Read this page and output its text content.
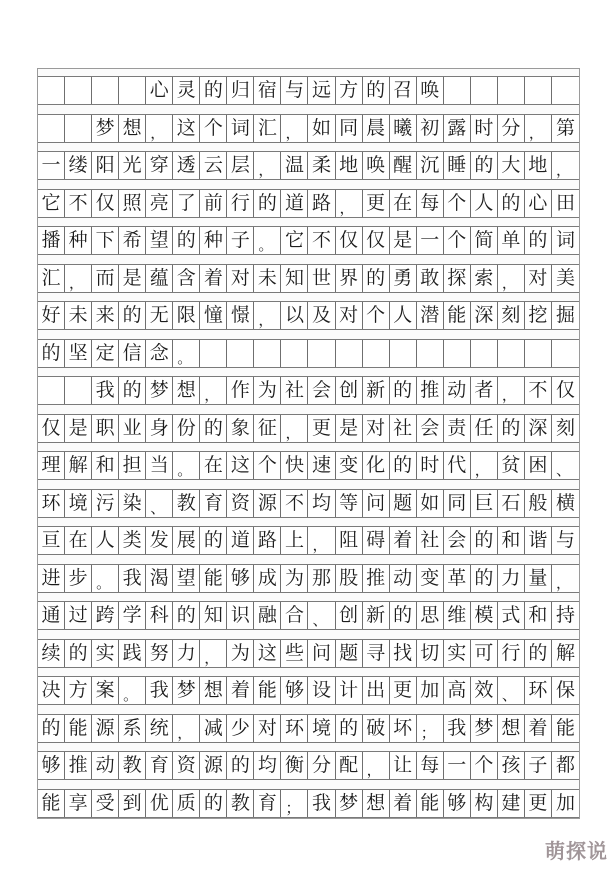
心 灵 的 归 宿 与 远 方 的 召 唤
梦 想 ， 这 个 词 汇 ， 如 同 晨 曦 初 露 时 分 ， 第
一 缕 阳 光 穿 透 云 层 ， 温 柔 地 唤 醒 沉 睡 的 大 地 ，
它 不 仅 照 亮 了 前 行 的 道 路 ， 更 在 每 个 人 的 心 田
播 种 下 希 望 的 种 子 。 它 不 仅 仅 是 一 个 简 单 的 词
汇 ， 而 是 蕴 含 着 对 未 知 世 界 的 勇 敢 探 索 ， 对 美
好 未 来 的 无 限 憧 憬 ， 以 及 对 个 人 潜 能 深 刻 挖 掘
的 坚 定 信 念 。
我 的 梦 想 ， 作 为 社 会 创 新 的 推 动 者 ， 不 仅
仅 是 职 业 身 份 的 象 征 ， 更 是 对 社 会 责 任 的 深 刻
理 解 和 担 当 。 在 这 个 快 速 变 化 的 时 代 ， 贫 困 、
环 境 污 染 、 教 育 资 源 不 均 等 问 题 如 同 巨 石 般 横
亘 在 人 类 发 展 的 道 路 上 ， 阻 碍 着 社 会 的 和 谐 与
进 步 。 我 渴 望 能 够 成 为 那 股 推 动 变 革 的 力 量 ，
通 过 跨 学 科 的 知 识 融 合 、 创 新 的 思 维 模 式 和 持
续 的 实 践 努 力 ， 为 这 些 问 题 寻 找 切 实 可 行 的 解
决 方 案 。 我 梦 想 着 能 够 设 计 出 更 加 高 效 、 环 保
的 能 源 系 统 ， 减 少 对 环 境 的 破 坏 ； 我 梦 想 着 能
够 推 动 教 育 资 源 的 均 衡 分 配 ， 让 每 一 个 孩 子 都
能 享 受 到 优 质 的 教 育 ； 我 梦 想 着 能 够 构 建 更 加
萌探说
